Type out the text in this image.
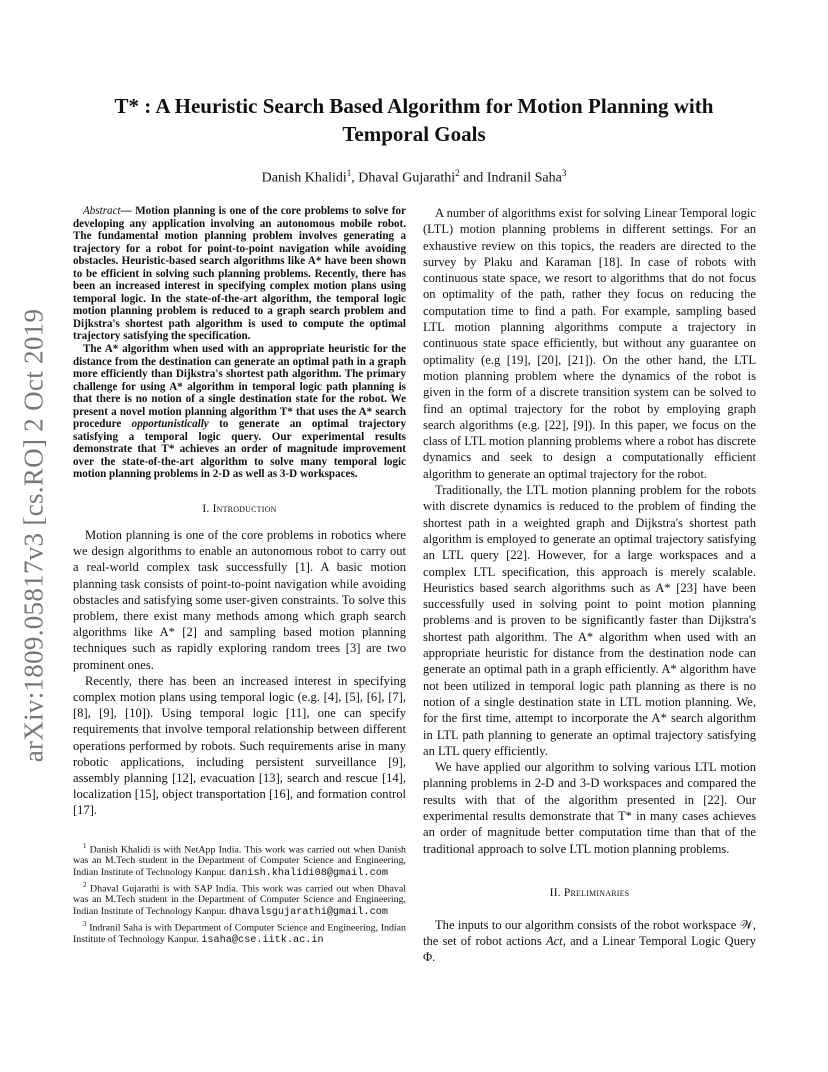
arXiv:1809.05817v3 [cs.RO] 2 Oct 2019
T* : A Heuristic Search Based Algorithm for Motion Planning with Temporal Goals
Danish Khalidi$^1$, Dhaval Gujarathi$^2$ and Indranil Saha$^3$

Abstract— Motion planning is one of the core problems to solve for developing any application involving an autonomous mobile robot. The fundamental motion planning problem involves generating a trajectory for a robot for point-to-point navigation while avoiding obstacles. Heuristic-based search algorithms like A* have been shown to be efficient in solving such planning problems. Recently, there has been an increased interest in specifying complex motion plans using temporal logic. In the state-of-the-art algorithm, the temporal logic motion planning problem is reduced to a graph search problem and Dijkstra's shortest path algorithm is used to compute the optimal trajectory satisfying the specification.

The A* algorithm when used with an appropriate heuristic for the distance from the destination can generate an optimal path in a graph more efficiently than Dijkstra's shortest path algorithm. The primary challenge for using A* algorithm in temporal logic path planning is that there is no notion of a single destination state for the robot. We present a novel motion planning algorithm T* that uses the A* search procedure opportunistically to generate an optimal trajectory satisfying a temporal logic query. Our experimental results demonstrate that T* achieves an order of magnitude improvement over the state-of-the-art algorithm to solve many temporal logic motion planning problems in 2-D as well as 3-D workspaces.

I. Introduction

Motion planning is one of the core problems in robotics where we design algorithms to enable an autonomous robot to carry out a real-world complex task successfully [1]. A basic motion planning task consists of point-to-point navigation while avoiding obstacles and satisfying some user-given constraints. To solve this problem, there exist many methods among which graph search algorithms like A* [2] and sampling based motion planning techniques such as rapidly exploring random trees [3] are two prominent ones.

Recently, there has been an increased interest in specifying complex motion plans using temporal logic (e.g. [4], [5], [6], [7], [8], [9], [10]). Using temporal logic [11], one can specify requirements that involve temporal relationship between different operations performed by robots. Such requirements arise in many robotic applications, including persistent surveillance [9], assembly planning [12], evacuation [13], search and rescue [14], localization [15], object transportation [16], and formation control [17].

$^1$ Danish Khalidi is with NetApp India. This work was carried out when Danish was an M.Tech student in the Department of Computer Science and Engineering, Indian Institute of Technology Kanpur. danish.khalidi08@gmail.com

$^2$ Dhaval Gujarathi is with SAP India. This work was carried out when Dhaval was an M.Tech student in the Department of Computer Science and Engineering, Indian Institute of Technology Kanpur. dhavalsgujarathi@gmail.com

$^3$ Indranil Saha is with Department of Computer Science and Engineering, Indian Institute of Technology Kanpur. isaha@cse.iitk.ac.in

A number of algorithms exist for solving Linear Temporal logic (LTL) motion planning problems in different settings. For an exhaustive review on this topics, the readers are directed to the survey by Plaku and Karaman [18]. In case of robots with continuous state space, we resort to algorithms that do not focus on optimality of the path, rather they focus on reducing the computation time to find a path. For example, sampling based LTL motion planning algorithms compute a trajectory in continuous state space efficiently, but without any guarantee on optimality (e.g [19], [20], [21]). On the other hand, the LTL motion planning problem where the dynamics of the robot is given in the form of a discrete transition system can be solved to find an optimal trajectory for the robot by employing graph search algorithms (e.g. [22], [9]). In this paper, we focus on the class of LTL motion planning problems where a robot has discrete dynamics and seek to design a computationally efficient algorithm to generate an optimal trajectory for the robot.

Traditionally, the LTL motion planning problem for the robots with discrete dynamics is reduced to the problem of finding the shortest path in a weighted graph and Dijkstra's shortest path algorithm is employed to generate an optimal trajectory satisfying an LTL query [22]. However, for a large workspaces and a complex LTL specification, this approach is merely scalable. Heuristics based search algorithms such as A* [23] have been successfully used in solving point to point motion planning problems and is proven to be significantly faster than Dijkstra's shortest path algorithm. The A* algorithm when used with an appropriate heuristic for distance from the destination node can generate an optimal path in a graph efficiently. A* algorithm have not been utilized in temporal logic path planning as there is no notion of a single destination state in LTL motion planning. We, for the first time, attempt to incorporate the A* search algorithm in LTL path planning to generate an optimal trajectory satisfying an LTL query efficiently.

We have applied our algorithm to solving various LTL motion planning problems in 2-D and 3-D workspaces and compared the results with that of the algorithm presented in [22]. Our experimental results demonstrate that T* in many cases achieves an order of magnitude better computation time than that of the traditional approach to solve LTL motion planning problems.

II. Preliminaries

The inputs to our algorithm consists of the robot workspace 𝒲, the set of robot actions Act, and a Linear Temporal Logic Query Φ.
